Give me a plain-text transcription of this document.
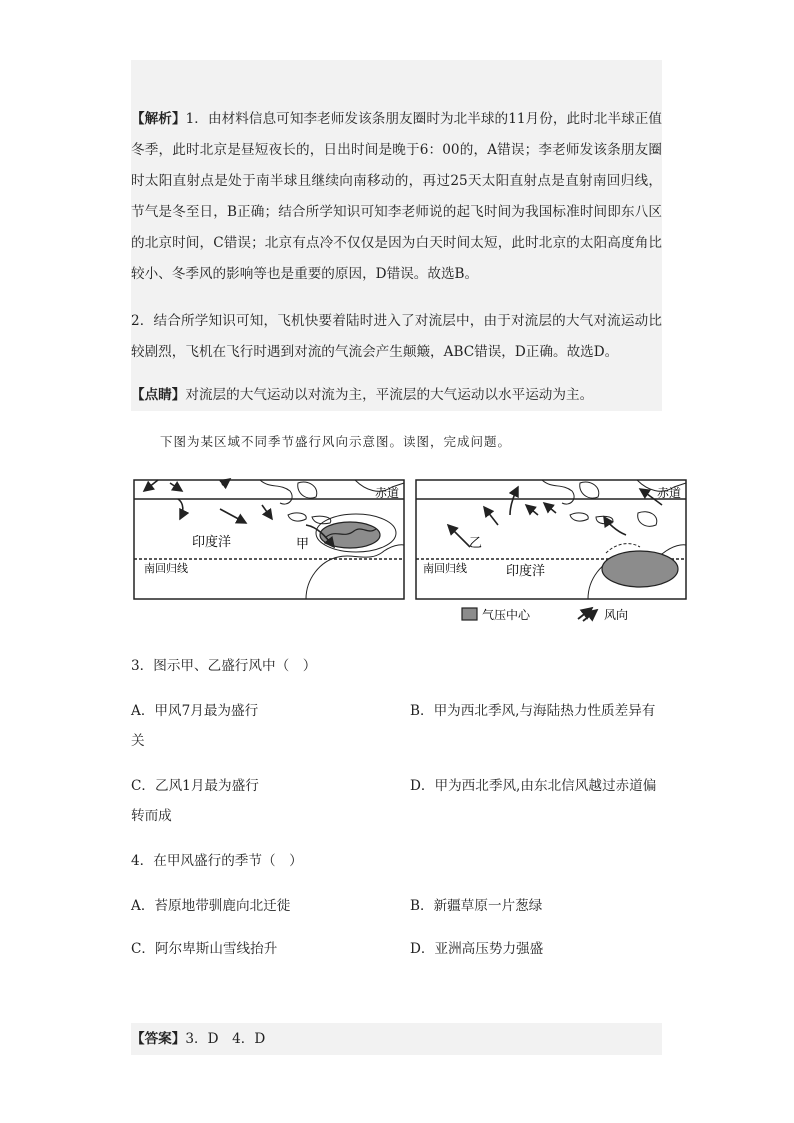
【解析】1．由材料信息可知李老师发该条朋友圈时为北半球的11月份，此时北半球正值冬季，此时北京是昼短夜长的，日出时间是晚于6：00的，A错误；李老师发该条朋友圈时太阳直射点是处于南半球且继续向南移动的，再过25天太阳直射点是直射南回归线，节气是冬至日，B正确；结合所学知识可知李老师说的起飞时间为我国标准时间即东八区的北京时间，C错误；北京有点冷不仅仅是因为白天时间太短，此时北京的太阳高度角比较小、冬季风的影响等也是重要的原因，D错误。故选B。

2．结合所学知识可知，飞机快要着陆时进入了对流层中，由于对流层的大气对流运动比较剧烈，飞机在飞行时遇到对流的气流会产生颠簸，ABC错误，D正确。故选D。

【点睛】对流层的大气运动以对流为主，平流层的大气运动以水平运动为主。

下图为某区域不同季节盛行风向示意图。读图，完成问题。
赤道
印度洋	甲
南回归线
赤道
乙
南回归线	印度洋
气压中心	风向

3．图示甲、乙盛行风中（　）

A．甲风7月最为盛行	B．甲为西北季风,与海陆热力性质差异有

关

C．乙风1月最为盛行	D．甲为西北季风,由东北信风越过赤道偏

转而成

4．在甲风盛行的季节（　）

A．苔原地带驯鹿向北迁徙	B．新疆草原一片葱绿

C．阿尔卑斯山雪线抬升	D．亚洲高压势力强盛

【答案】3．D　4．D
